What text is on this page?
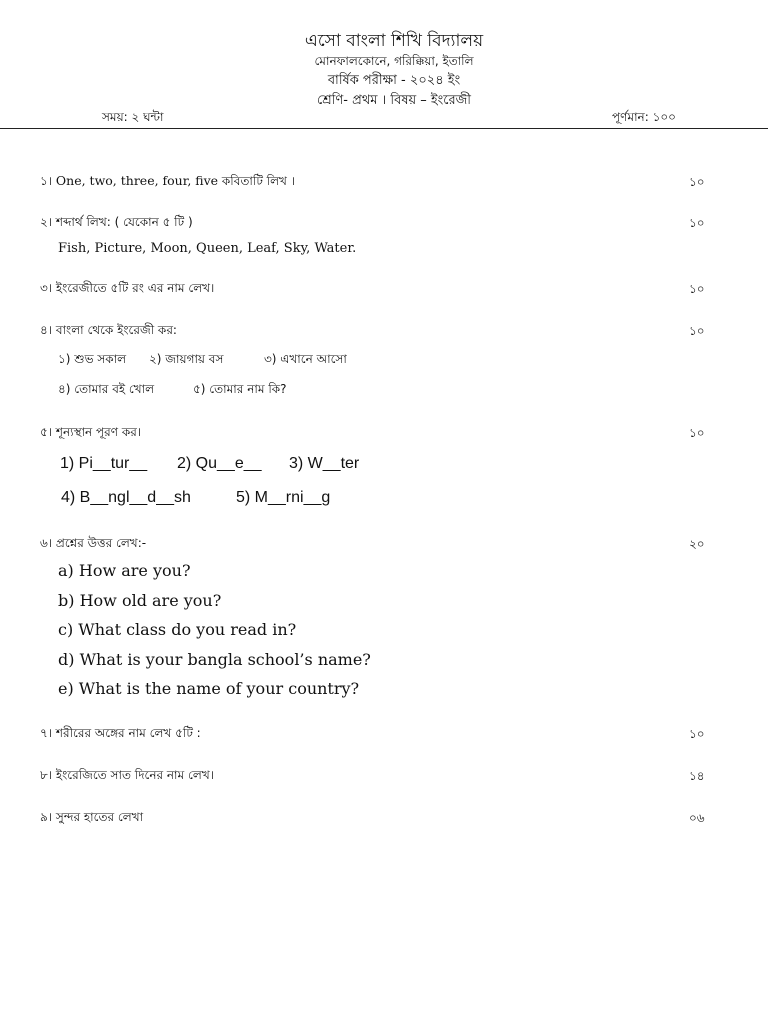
এসো বাংলা শিখি বিদ্যালয়
মোনফালকোনে, গরিক্কিয়া, ইতালি
বার্ষিক পরীক্ষা - ২০২৪ ইং
শ্রেণি- প্রথম । বিষয় – ইংরেজী
সময়: ২ ঘন্টা	পূর্ণমান: ১০০
১। One, two, three, four, five কবিতাটি লিখ ।	১০
২। শব্দার্থ লিখ: ( যেকোন ৫ টি )	১০
Fish, Picture, Moon, Queen, Leaf, Sky, Water.
৩। ইংরেজীতে ৫টি রং এর নাম লেখ।	১০
৪। বাংলা থেকে ইংরেজী কর:	১০
১) শুভ সকাল ২) জায়গায় বস	৩) এখানে আসো
৪) তোমার বই খোল	৫) তোমার নাম কি?
৫। শূন্যস্থান পূরণ কর।	১০
1) Pi__tur__ 2) Qu__e__ 3) W__ter
4) B__ngl__d__sh	5) M__rni__g
৬। প্রশ্নের উত্তর লেখ:-	২০
a) How are you?
b) How old are you?
c) What class do you read in?
d) What is your bangla school’s name?
e) What is the name of your country?
৭। শরীরের অঙ্গের নাম লেখ ৫টি :	১০
৮। ইংরেজিতে সাত দিনের নাম লেখ।	১৪
৯। সুন্দর হাতের লেখা	০৬
